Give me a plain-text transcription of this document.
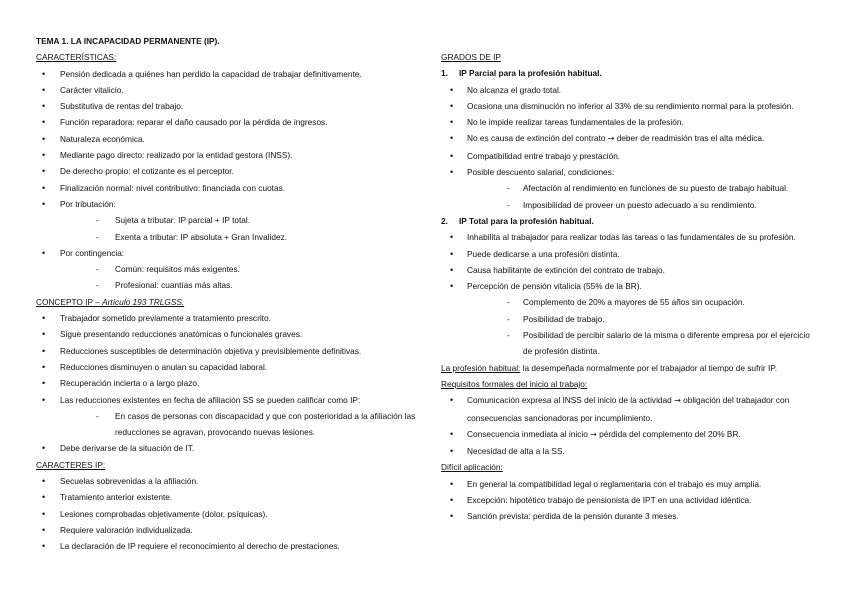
TEMA 1. LA INCAPACIDAD PERMANENTE (IP).

CARACTERÍSTICAS:

• Pensión dedicada a quiénes han perdido la capacidad de trabajar definitivamente.
• Carácter vitalicio.
• Substitutiva de rentas del trabajo.
• Función reparadora: reparar el daño causado por la pérdida de ingresos.
• Naturaleza económica.
• Mediante pago directo: realizado por la entidad gestora (INSS).
• De derecho propio: el cotizante es el perceptor.
• Finalización normal: nivel contributivo: financiada con cuotas.
• Por tributación:
- Sujeta a tributar: IP parcial + IP total.
- Exenta a tributar: IP absoluta + Gran Invalidez.
• Por contingencia:
- Común: requisitos más exigentes.
- Profesional: cuantías más altas.

CONCEPTO IP – Artículo 193 TRLGSS.

• Trabajador sometido previamente a tratamiento prescrito.
• Sigue presentando reducciones anatómicas o funcionales graves.
• Reducciones susceptibles de determinación objetiva y previsiblemente definitivas.
• Reducciones disminuyen o anulan su capacidad laboral.
• Recuperación incierta o a largo plazo.
• Las reducciones existentes en fecha de afiliación SS se pueden calificar como IP:
- En casos de personas con discapacidad y que con posterioridad a la afiliación las reducciones se agravan, provocando nuevas lesiones.
• Debe derivarse de la situación de IT.

CARACTERES IP:

• Secuelas sobrevenidas a la afiliación.
• Tratamiento anterior existente.
• Lesiones comprobadas objetivamente (dolor, psíquicas).
• Requiere valoración individualizada.
• La declaración de IP requiere el reconocimiento al derecho de prestaciones.

GRADOS DE IP

1. IP Parcial para la profesión habitual.

• No alcanza el grado total.
• Ocasiona una disminución no inferior al 33% de su rendimiento normal para la profesión.
• No le impide realizar tareas fundamentales de la profesión.
• No es causa de extinción del contrato → deber de readmisión tras el alta médica.
• Compatibilidad entre trabajo y prestación.
• Posible descuento salarial, condiciones:
- Afectación al rendimiento en funciones de su puesto de trabajo habitual.
- Imposibilidad de proveer un puesto adecuado a su rendimiento.

2. IP Total para la profesión habitual.

• Inhabilita al trabajador para realizar todas las tareas o las fundamentales de su profesión.
• Puede dedicarse a una profesión distinta.
• Causa habilitante de extinción del contrato de trabajo.
• Percepción de pensión vitalicia (55% de la BR).
- Complemento de 20% a mayores de 55 años sin ocupación.
- Posibilidad de trabajo.
- Posibilidad de percibir salario de la misma o diferente empresa por el ejercicio de profesión distinta.

La profesión habitual: la desempeñada normalmente por el trabajador al tiempo de sufrir IP.

Requisitos formales del inicio al trabajo:

• Comunicación expresa al INSS del inicio de la actividad → obligación del trabajador con consecuencias sancionadoras por incumplimiento.
• Consecuencia inmediata al inicio → pérdida del complemento del 20% BR.
• Necesidad de alta a la SS.

Difícil aplicación:

• En general la compatibilidad legal o reglamentaria con el trabajo es muy amplia.
• Excepción: hipotético trabajo de pensionista de IPT en una actividad idéntica.
• Sanción prevista: perdida de la pensión durante 3 meses.
